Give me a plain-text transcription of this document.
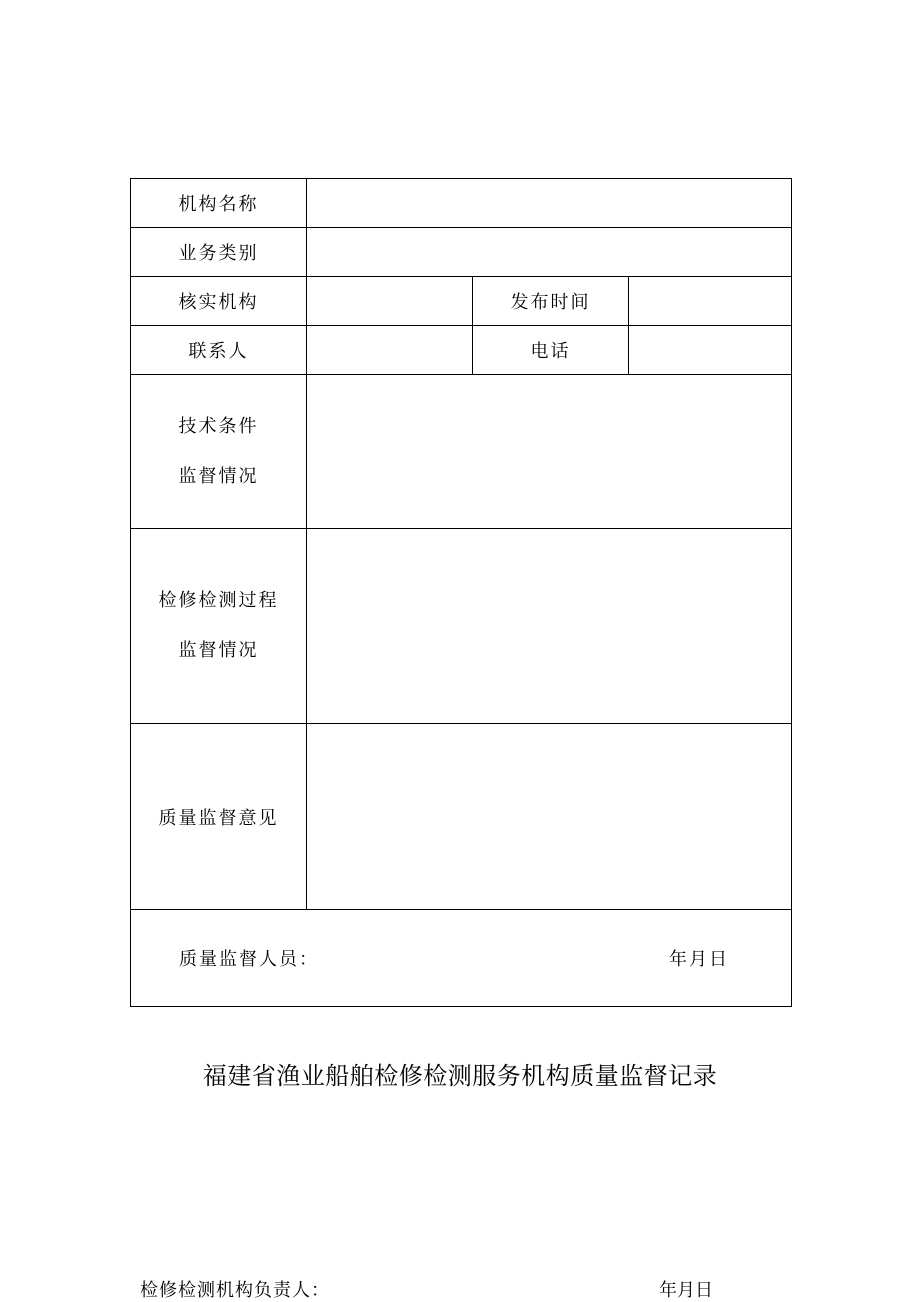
机构名称			
业务类别			
核实机构		发布时间	
联系人		电话	

技术条件
监督情况			

检修检测过程
监督情况			

质量监督意见			

质量监督人员： 年月日			
福建省渔业船舶检修检测服务机构质量监督记录
检修检测机构负责人：	年月日
